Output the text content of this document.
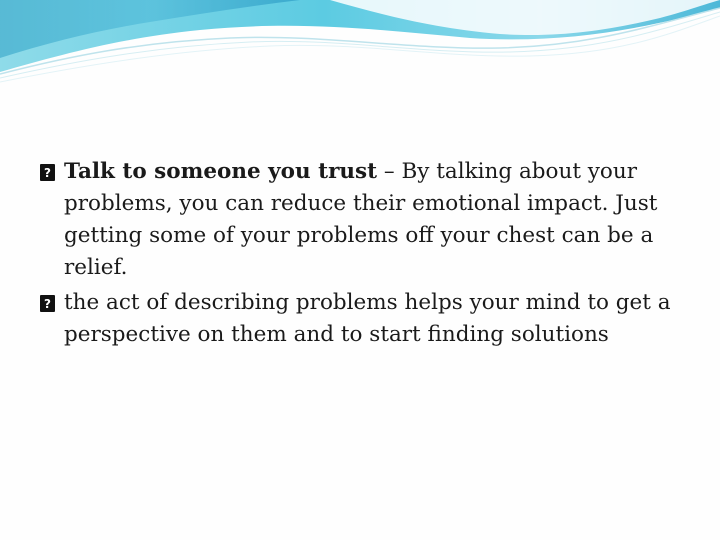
? Talk to someone you trust – By talking about your problems, you can reduce their emotional impact. Just getting some of your problems off your chest can be a relief.
? the act of describing problems helps your mind to get a perspective on them and to start finding solutions
